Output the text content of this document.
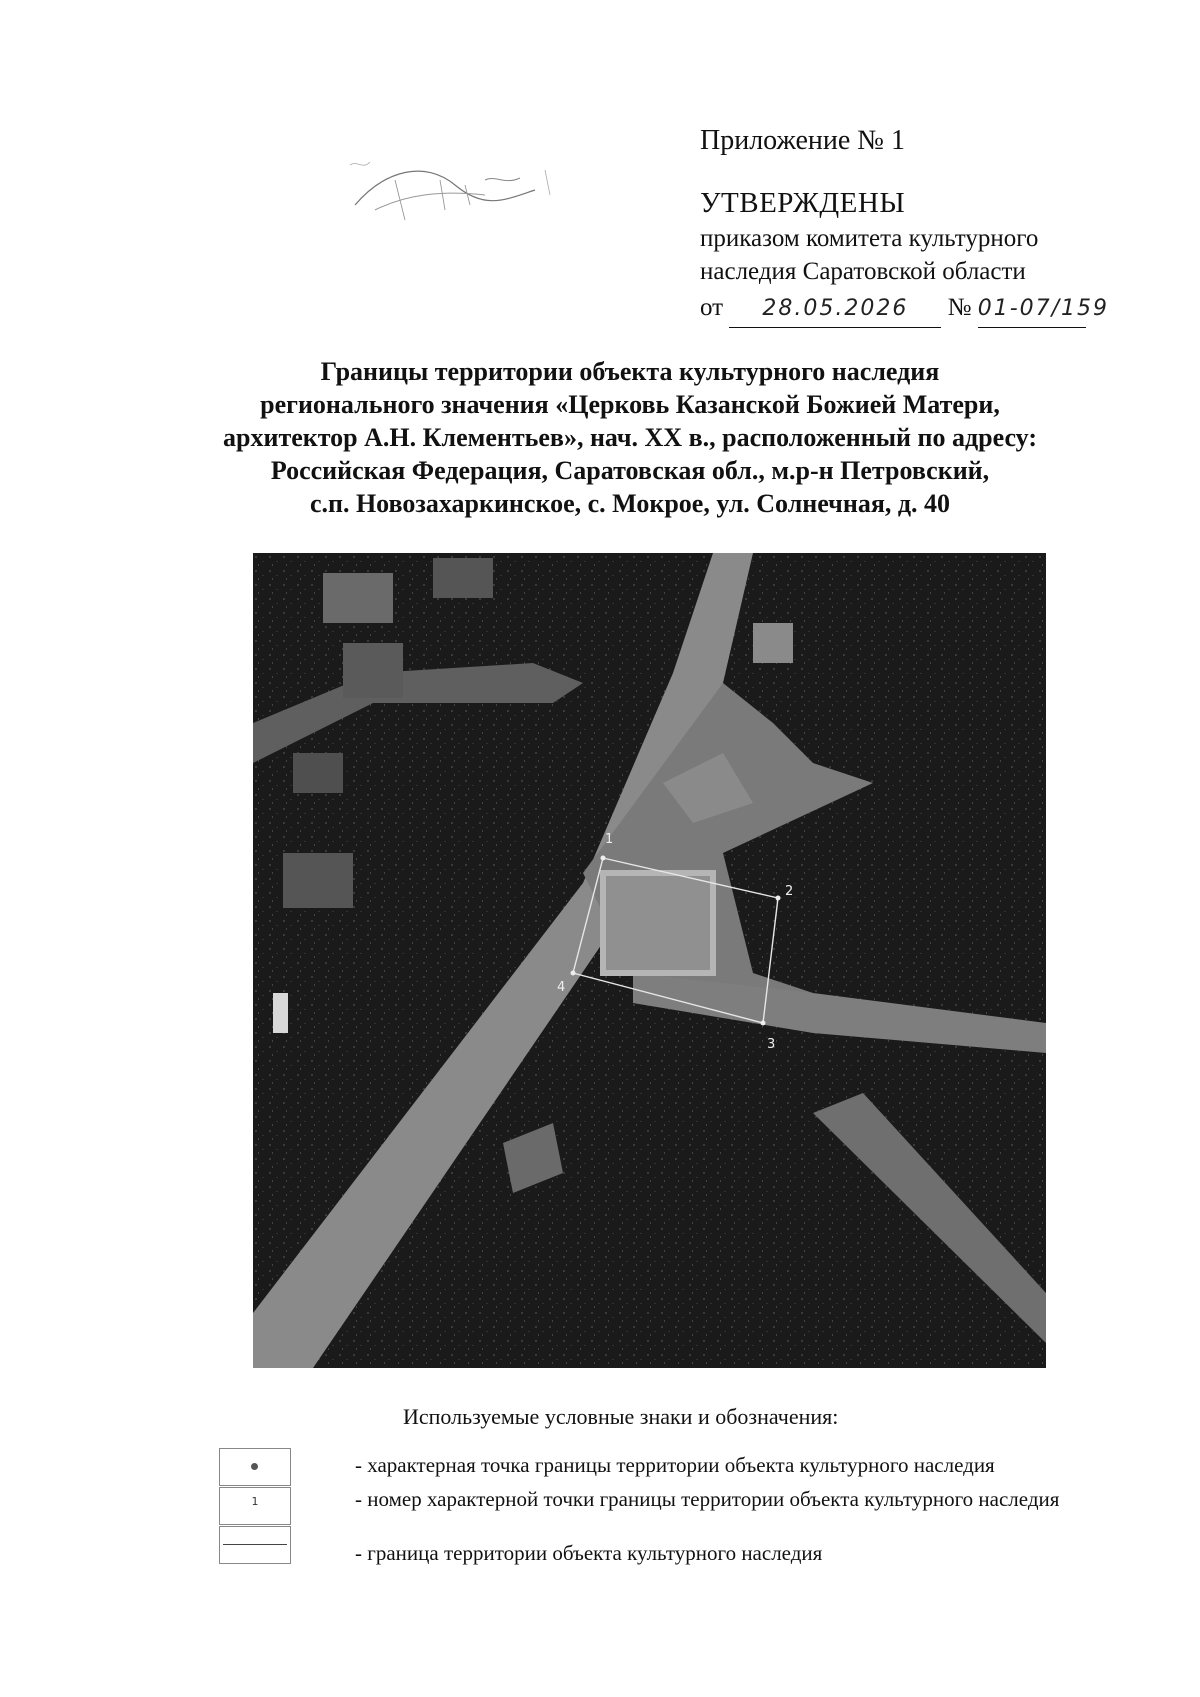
Приложение № 1
УТВЕРЖДЕНЫ
приказом комитета культурного
наследия Саратовской области
от 28.05.2026 № 01-07/159
Границы территории объекта культурного наследия
регионального значения «Церковь Казанской Божией Матери,
архитектор А.Н. Клементьев», нач. XX в., расположенный по адресу:
Российская Федерация, Саратовская обл., м.р-н Петровский,
с.п. Новозахаркинское, с. Мокрое, ул. Солнечная, д. 40
1
2
3
4
Используемые условные знаки и обозначения:
- характерная точка границы территории объекта культурного наследия
1	- номер характерной точки границы территории объекта культурного наследия
- граница территории объекта культурного наследия
